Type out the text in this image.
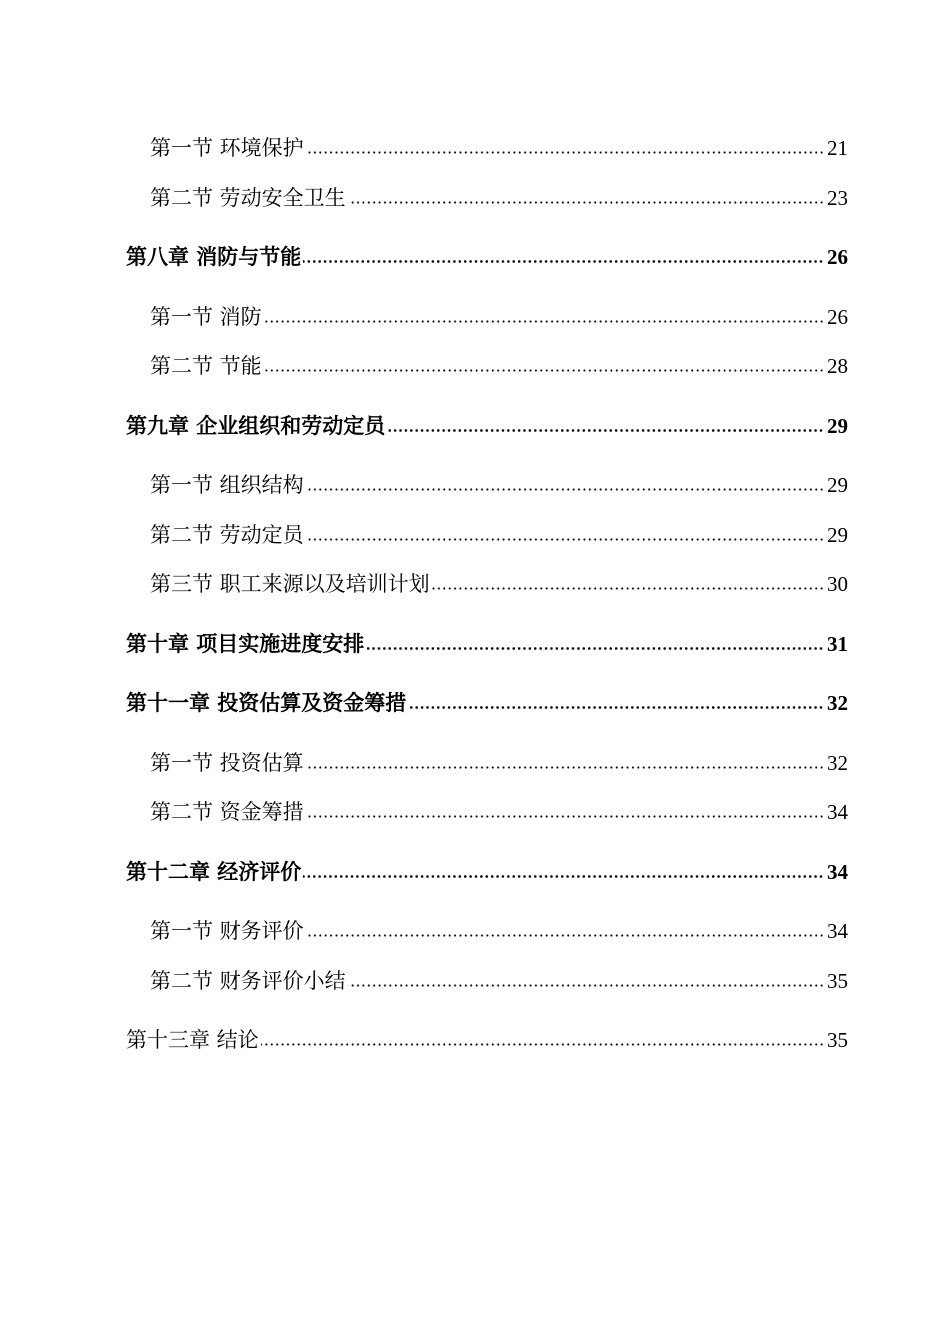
第一节 环境保护	21
第二节 劳动安全卫生	23
第八章 消防与节能	26
第一节 消防	26
第二节 节能	28
第九章 企业组织和劳动定员	29
第一节 组织结构	29
第二节 劳动定员	29
第三节 职工来源以及培训计划	30
第十章 项目实施进度安排	31
第十一章 投资估算及资金筹措	32
第一节 投资估算	32
第二节 资金筹措	34
第十二章 经济评价	34
第一节 财务评价	34
第二节 财务评价小结	35
第十三章 结论	35
